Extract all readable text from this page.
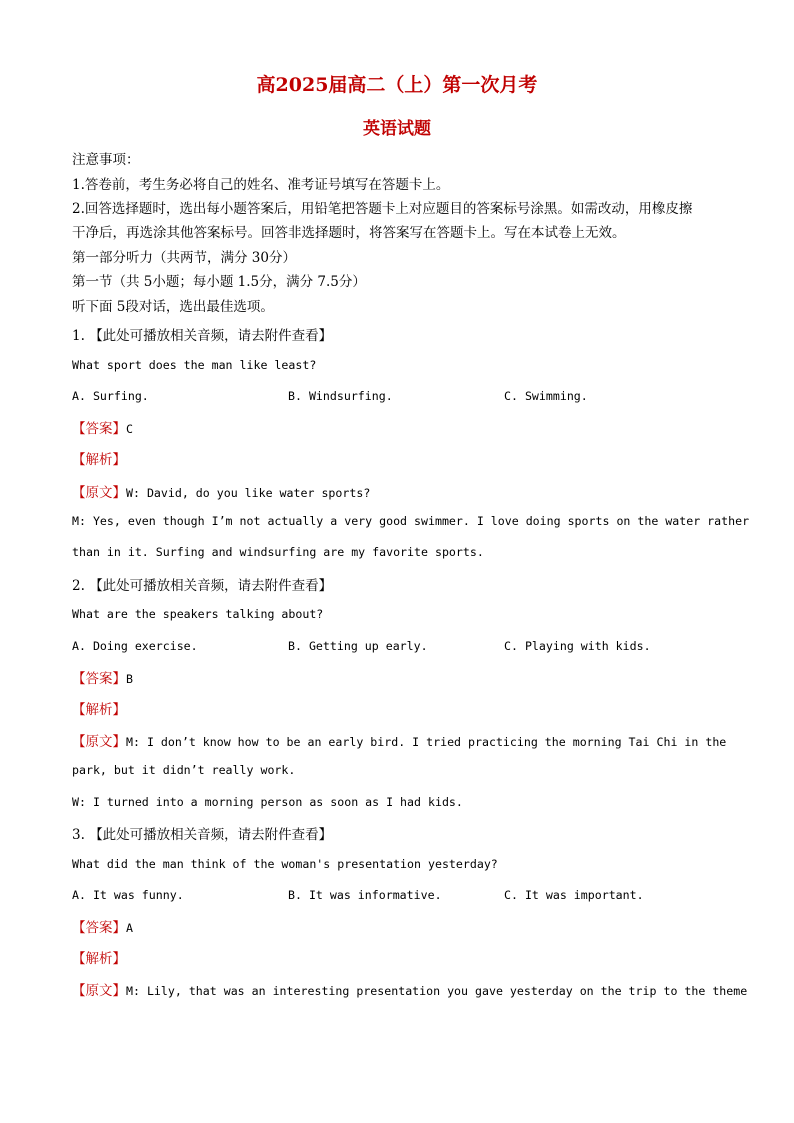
高2025届高二（上）第一次月考
英语试题
注意事项：
1.答卷前，考生务必将自己的姓名、准考证号填写在答题卡上。
2.回答选择题时，选出每小题答案后，用铅笔把答题卡上对应题目的答案标号涂黑。如需改动，用橡皮擦
干净后，再选涂其他答案标号。回答非选择题时，将答案写在答题卡上。写在本试卷上无效。
第一部分听力（共两节，满分 30分）
第一节（共 5小题；每小题 1.5分，满分 7.5分）
听下面 5段对话，选出最佳选项。
1. 【此处可播放相关音频，请去附件查看】
What sport does the man like least?
A. Surfing.	B. Windsurfing.	C. Swimming.
【答案】C
【解析】
【原文】W: David, do you like water sports?
M: Yes, even though I’m not actually a very good swimmer. I love doing sports on the water rather
than in it. Surfing and windsurfing are my favorite sports.
2. 【此处可播放相关音频，请去附件查看】
What are the speakers talking about?
A. Doing exercise.	B. Getting up early.	C. Playing with kids.
【答案】B
【解析】
【原文】M: I don’t know how to be an early bird. I tried practicing the morning Tai Chi in the
park, but it didn’t really work.
W: I turned into a morning person as soon as I had kids.
3. 【此处可播放相关音频，请去附件查看】
What did the man think of the woman's presentation yesterday?
A. It was funny.	B. It was informative.	C. It was important.
【答案】A
【解析】
【原文】M: Lily, that was an interesting presentation you gave yesterday on the trip to the theme
